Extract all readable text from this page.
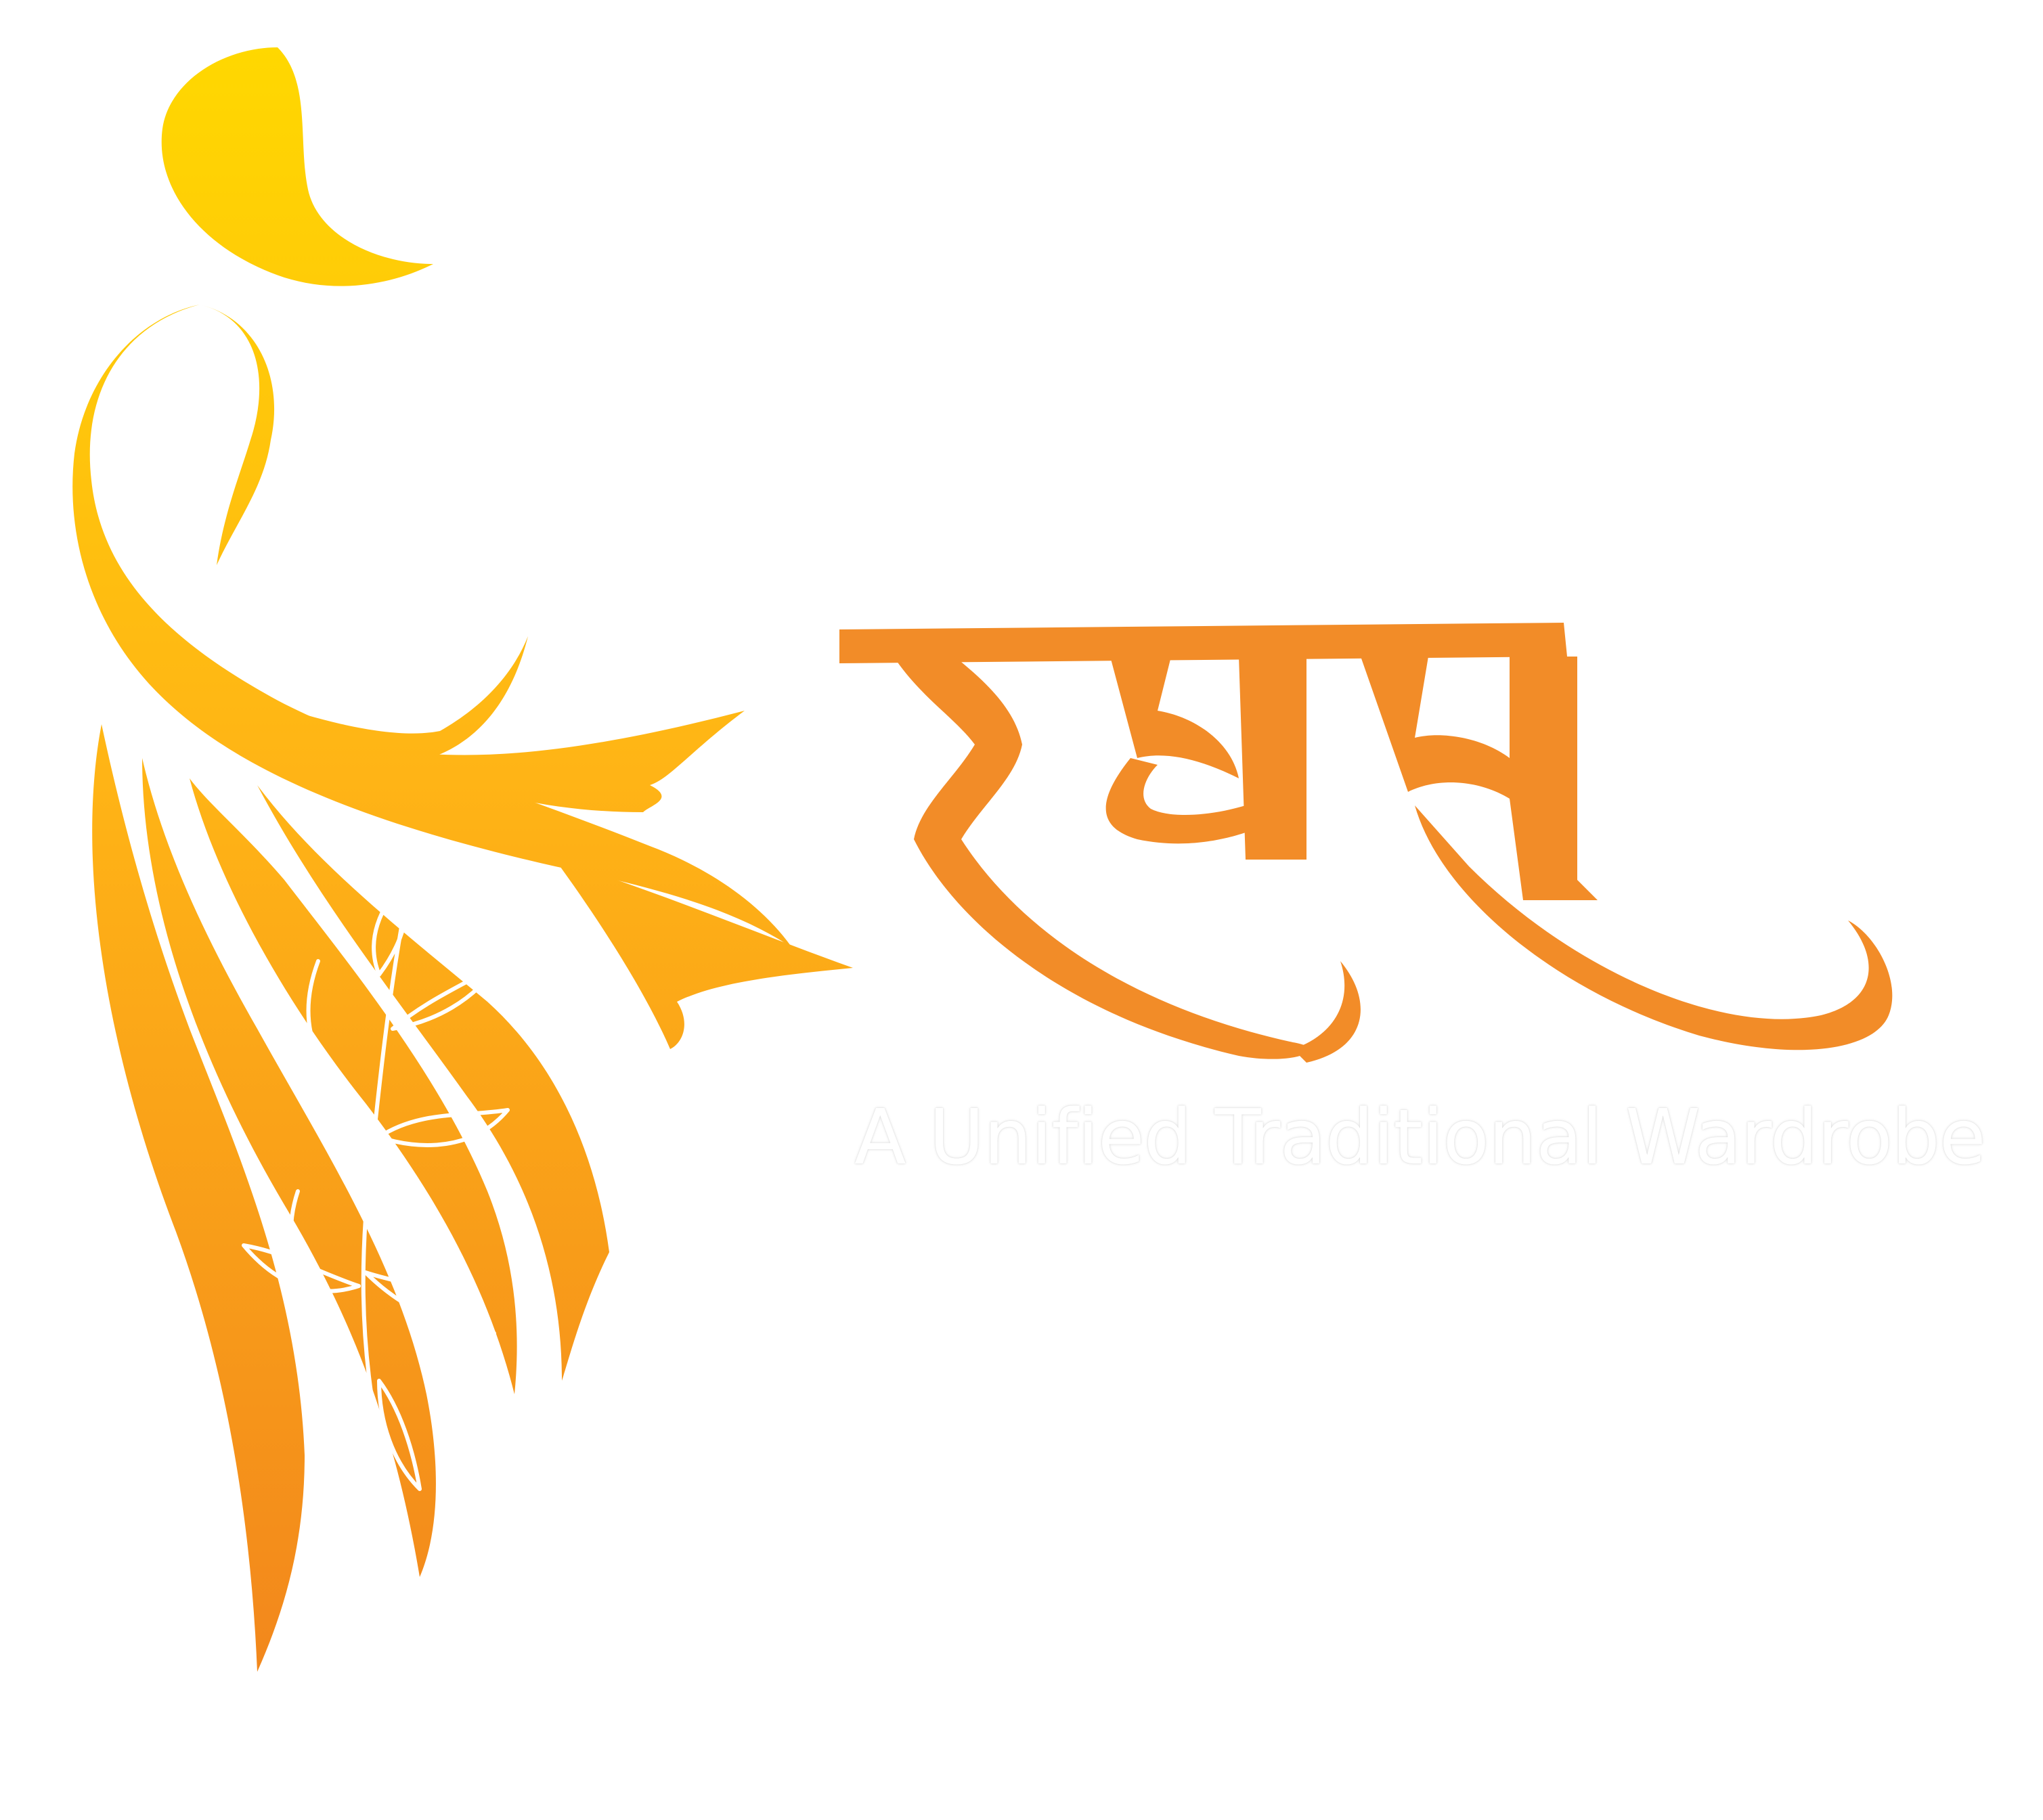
A Unified Traditional Wardrobe
